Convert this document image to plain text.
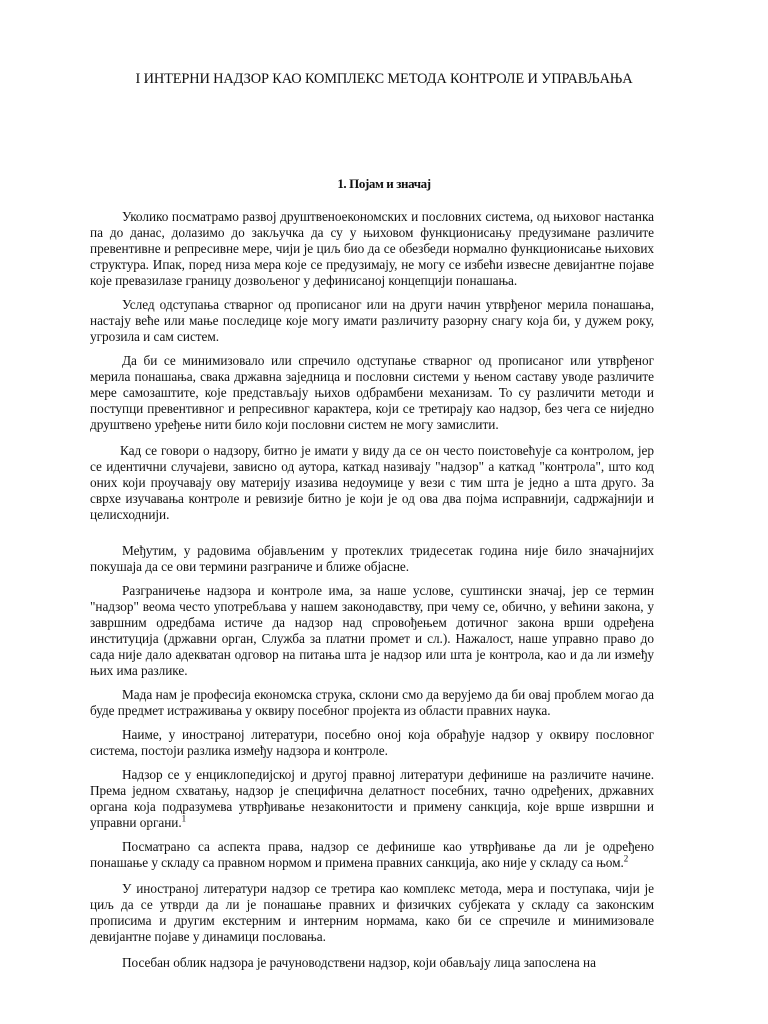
I ИНТЕРНИ НАДЗОР КАО КОМПЛЕКС МЕТОДА КОНТРОЛЕ И УПРАВЉАЊА
1. Појам и значај

Уколико посматрамо развој друштвеноекономских и пословних система, од њиховог настанка па до данас, долазимо до закључка да су у њиховом функционисању предузимане различите превентивне и репресивне мере, чији је циљ био да се обезбеди нормално функционисање њихових структура. Ипак, поред низа мера које се предузимају, не могу се избећи извесне девијантне појаве које превазилазе границу дозвољеног у дефинисаној концепцији понашања.

Услед одступања стварног од прописаног или на други начин утврђеног мерила понашања, настају веће или мање последице које могу имати различиту разорну снагу која би, у дужем року, угрозила и сам систем.

Да би се минимизовало или спречило одступање стварног од прописаног или утврђеног мерила понашања, свака државна заједница и пословни системи у њеном саставу уводе различите мере самозаштите, које представљају њихов одбрамбени механизам. То су различити методи и поступци превентивног и репресивног карактера, који се третирају као надзор, без чега се ниједно друштвено уређење нити било који пословни систем не могу замислити.

Кад се говори о надзору, битно је имати у виду да се он често поистовећује са контролом, јер се идентични случајеви, зависно од аутора, каткад називају "надзор" а каткад "контрола", што код оних који проучавају ову материју изазива недоумице у вези с тим шта је једно а шта друго. За сврхе изучавања контроле и ревизије битно је који је од ова два појма исправнији, садржајнији и целисходнији.

Међутим, у радовима објављеним у протеклих тридесетак година није било значајнијих покушаја да се ови термини разграниче и ближе објасне.

Разграничење надзора и контроле има, за наше услове, суштински значај, јер се термин "надзор" веома често употребљава у нашем законодавству, при чему се, обично, у већини закона, у завршним одредбама истиче да надзор над спровођењем дотичног закона врши одређена институција (државни орган, Служба за платни промет и сл.). Нажалост, наше управно право до сада није дало адекватан одговор на питања шта је надзор или шта је контрола, као и да ли између њих има разлике.

Мада нам је професија економска струка, склони смо да верујемо да би овај проблем могао да буде предмет истраживања у оквиру посебног пројекта из области правних наука.

Наиме, у иностраној литератури, посебно оној која обрађује надзор у оквиру пословног система, постоји разлика између надзора и контроле.

Надзор се у енциклопедијској и другој правној литератури дефинише на различите начине. Према једном схватању, надзор је специфична делатност посебних, тачно одређених, државних органа која подразумева утврђивање незаконитости и примену санкција, које врше извршни и управни органи.$^1$

Посматрано са аспекта права, надзор се дефинише као утврђивање да ли је одређено понашање у складу са правном нормом и примена правних санкција, ако није у складу са њом.$^2$

У иностраној литератури надзор се третира као комплекс метода, мера и поступака, чији је циљ да се утврди да ли је понашање правних и физичких субјеката у складу са законским прописима и другим екстерним и интерним нормама, како би се спречиле и минимизовале девијантне појаве у динамици пословања.

Посебан облик надзора је рачуноводствени надзор, који обављају лица запослена на
